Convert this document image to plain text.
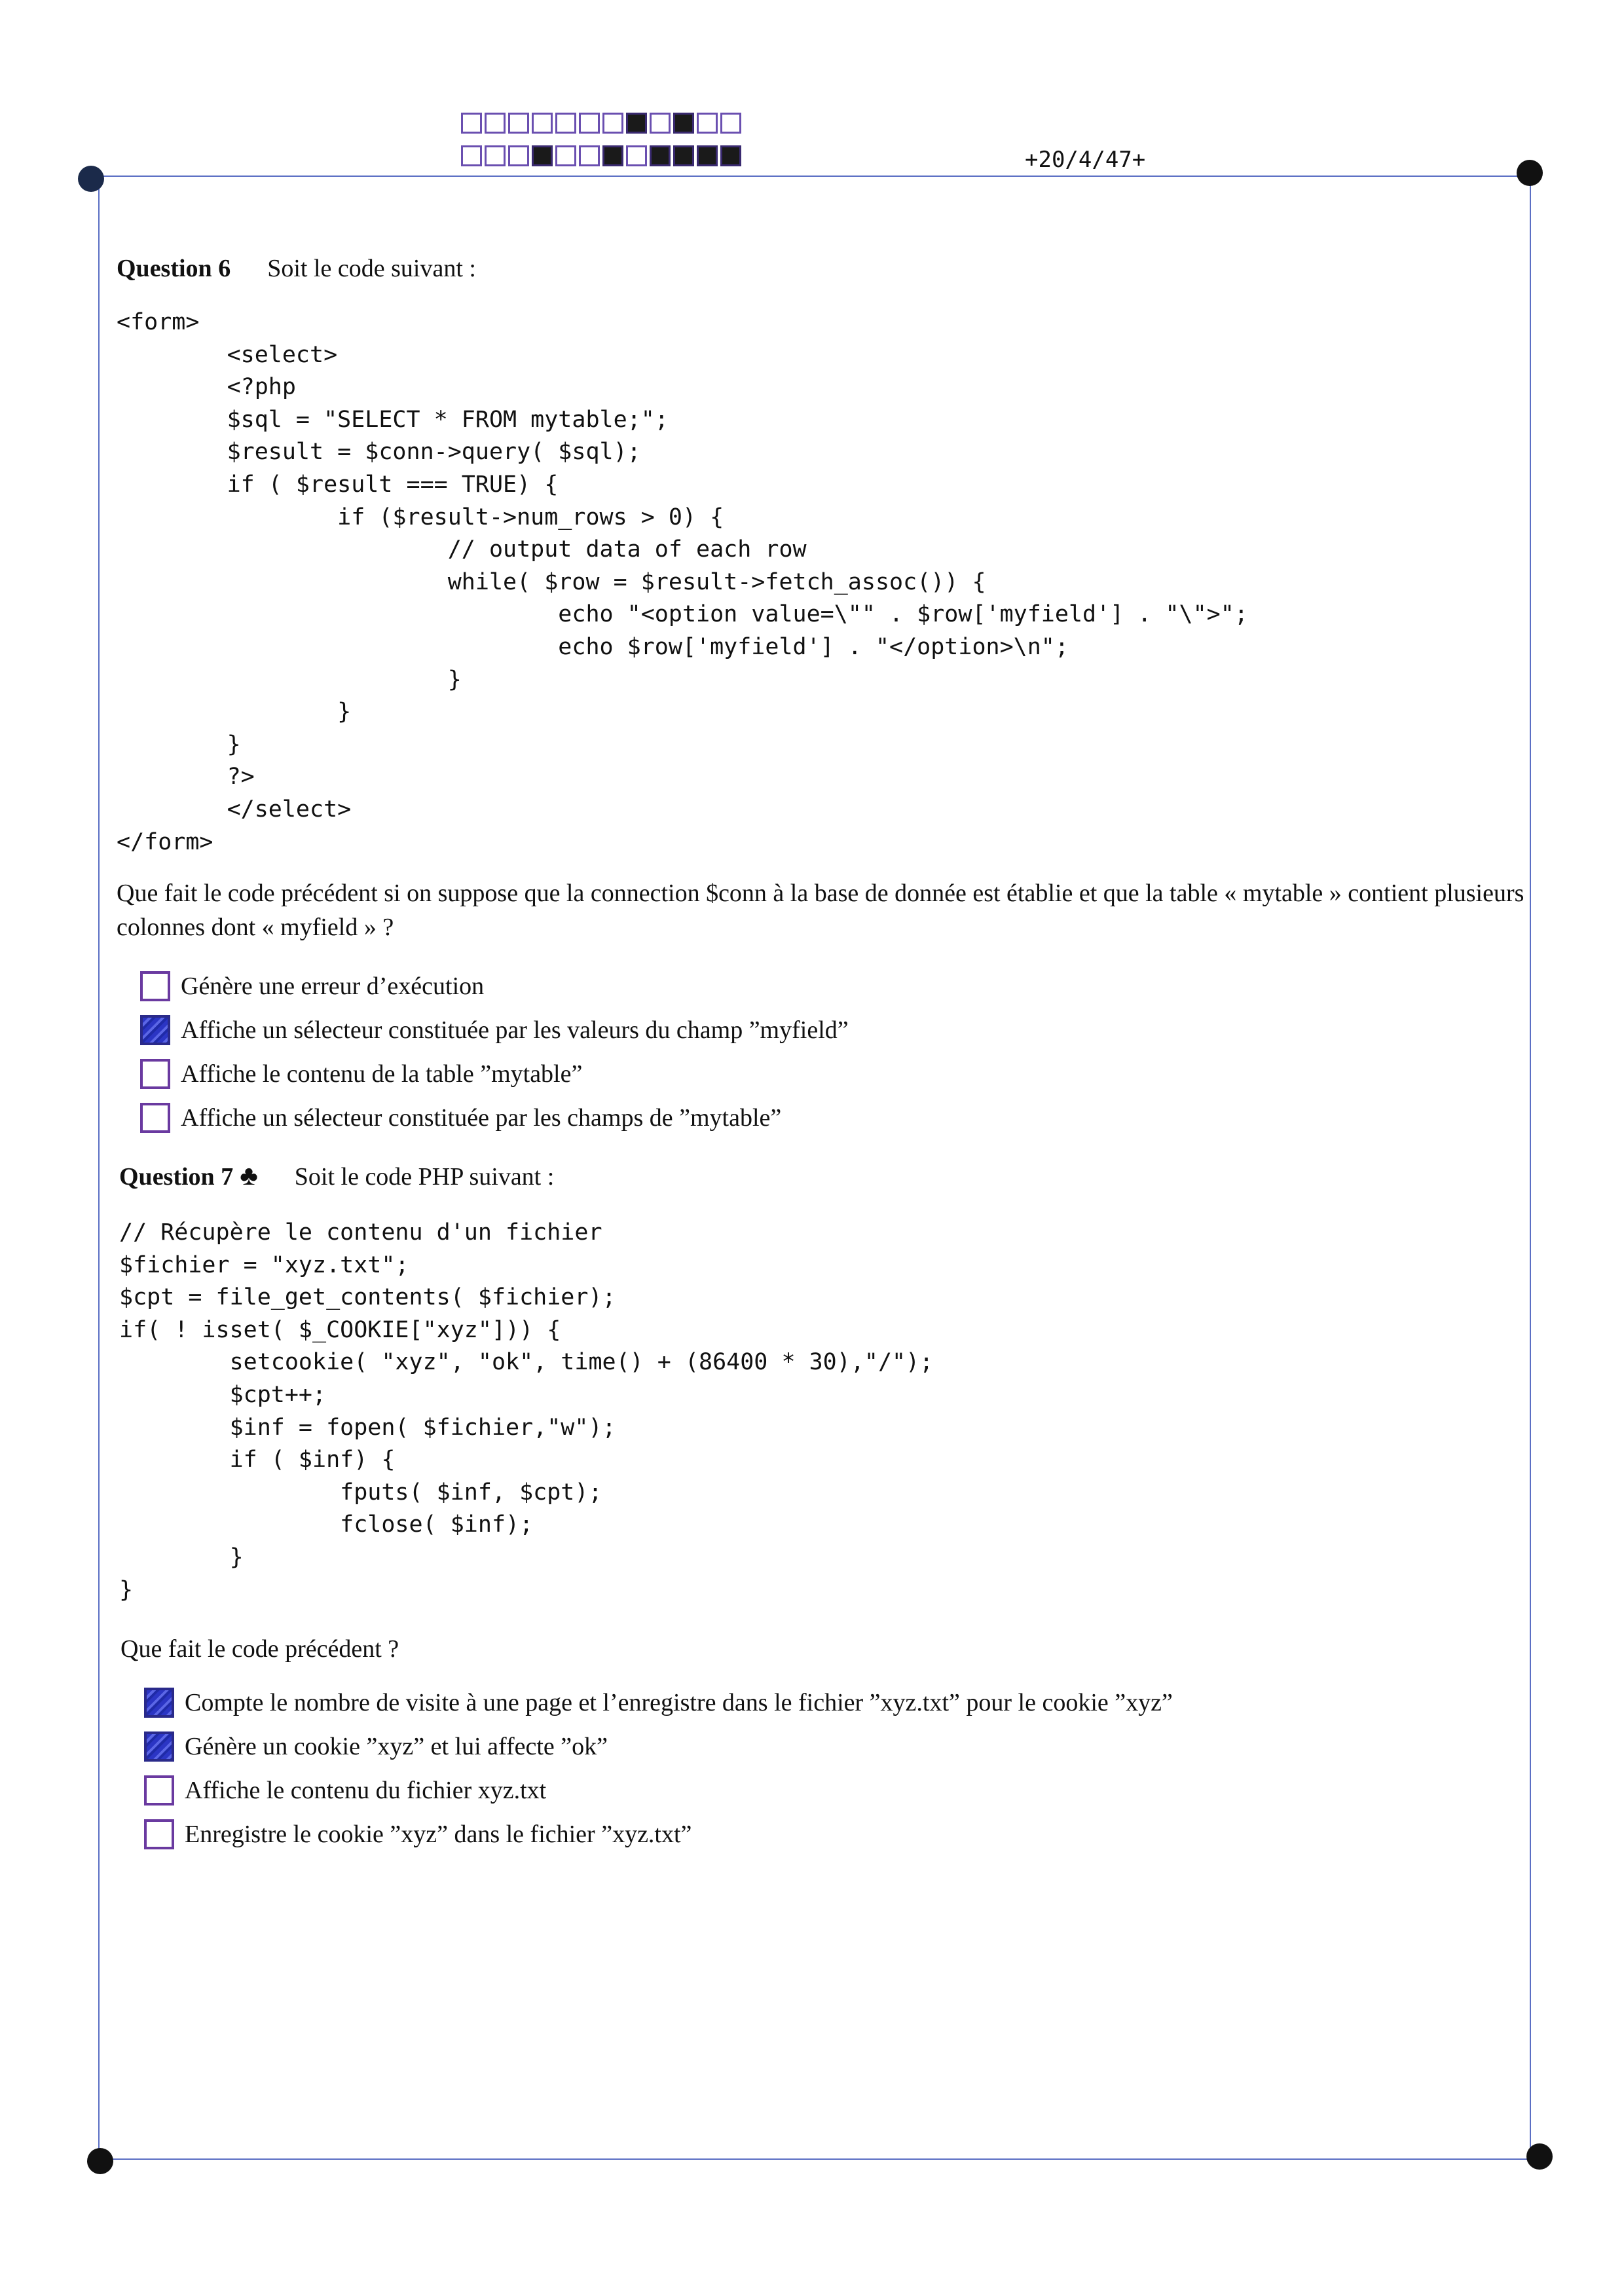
+20/4/47+
Question 6 Soit le code suivant :
<form>
<select>
<?php
$sql = "SELECT * FROM mytable;";
$result = $conn->query( $sql);
if ( $result === TRUE) {
if ($result->num_rows > 0) {
// output data of each row
while( $row = $result->fetch_assoc()) {
echo "<option value=\"" . $row['myfield'] . "\">";
echo $row['myfield'] . "</option>\n";
}
}
}
?>
</select>
</form>

Que fait le code précédent si on suppose que la connection $conn à la base de donnée est établie et que la table « mytable » contient plusieurs colonnes dont « myfield » ?

Génère une erreur d’exécution
Affiche un sélecteur constituée par les valeurs du champ ”myfield”
Affiche le contenu de la table ”mytable”
Affiche un sélecteur constituée par les champs de ”mytable”
Question 7 ♣ Soit le code PHP suivant :
// Récupère le contenu d'un fichier
$fichier = "xyz.txt";
$cpt = file_get_contents( $fichier);
if( ! isset( $_COOKIE["xyz"])) {
setcookie( "xyz", "ok", time() + (86400 * 30),"/");
$cpt++;
$inf = fopen( $fichier,"w");
if ( $inf) {
fputs( $inf, $cpt);
fclose( $inf);
}
}

Que fait le code précédent ?

Compte le nombre de visite à une page et l’enregistre dans le fichier ”xyz.txt” pour le cookie ”xyz”
Génère un cookie ”xyz” et lui affecte ”ok”
Affiche le contenu du fichier xyz.txt
Enregistre le cookie ”xyz” dans le fichier ”xyz.txt”
